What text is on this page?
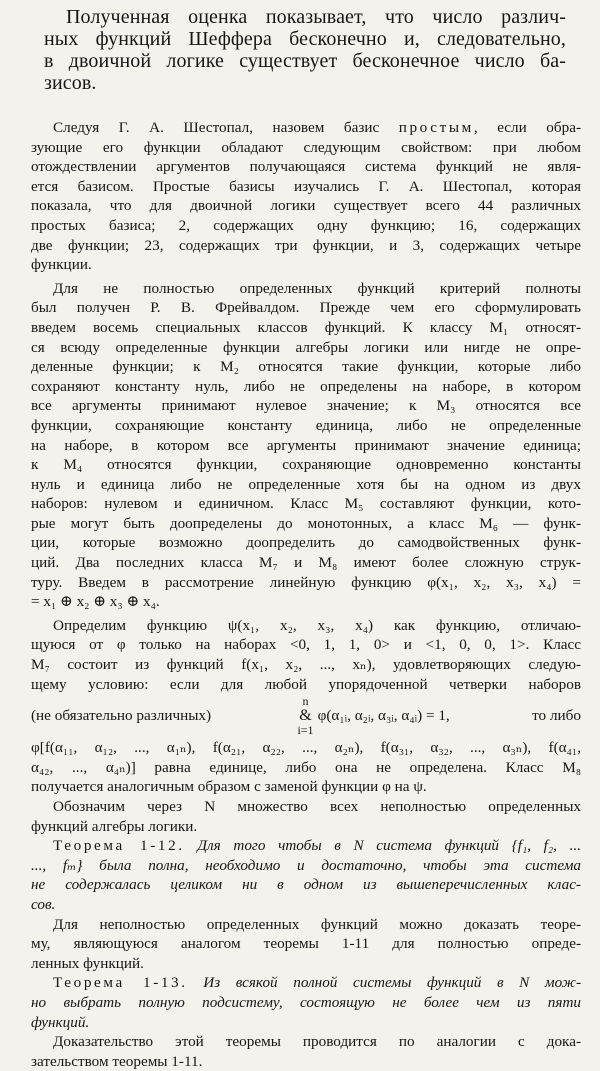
Полученная оценка показывает, что число различ-
ных функций Шеффера бесконечно и, следовательно,
в двоичной логике существует бесконечное число ба-
зисов.
Следуя Г. А. Шестопал, назовем базис простым, если обра-
зующие его функции обладают следующим свойством: при любом
отождествлении аргументов получающаяся система функций не явля-
ется базисом. Простые базисы изучались Г. А. Шестопал, которая
показала, что для двоичной логики существует всего 44 различных
простых базиса; 2, содержащих одну функцию; 16, содержащих
две функции; 23, содержащих три функции, и 3, содержащих четыре
функции.
Для не полностью определенных функций критерий полноты
был получен Р. В. Фрейвалдом. Прежде чем его сформулировать
введем восемь специальных классов функций. К классу M₁ относят-
ся всюду определенные функции алгебры логики или нигде не опре-
деленные функции; к M₂ относятся такие функции, которые либо
сохраняют константу нуль, либо не определены на наборе, в котором
все аргументы принимают нулевое значение; к M₃ относятся все
функции, сохраняющие константу единица, либо не определенные
на наборе, в котором все аргументы принимают значение единица;
к M₄ относятся функции, сохраняющие одновременно константы
нуль и единица либо не определенные хотя бы на одном из двух
наборов: нулевом и единичном. Класс M₅ составляют функции, кото-
рые могут быть доопределены до монотонных, а класс M₆ — функ-
ции, которые возможно доопределить до самодвойственных функ-
ций. Два последних класса M₇ и M₈ имеют более сложную струк-
туру. Введем в рассмотрение линейную функцию φ(x₁, x₂, x₃, x₄) =
= x₁ ⊕ x₂ ⊕ x₃ ⊕ x₄.
Определим функцию ψ(x₁, x₂, x₃, x₄) как функцию, отличаю-
щуюся от φ только на наборах <0, 1, 1, 0> и <1, 0, 0, 1>. Класс
M₇ состоит из функций f(x₁, x₂, ..., xₙ), удовлетворяющих следую-
щему условию: если для любой упорядоченной четверки наборов
(не обязательно различных)
n
&
i=1
φ(α₁ᵢ, α₂ᵢ, α₃ᵢ, α₄ᵢ) = 1,	то либо
φ[f(α₁₁, α₁₂, ..., α₁ₙ), f(α₂₁, α₂₂, ..., α₂ₙ), f(α₃₁, α₃₂, ..., α₃ₙ), f(α₄₁,
α₄₂, ..., α₄ₙ)] равна единице, либо она не определена. Класс M₈
получается аналогичным образом с заменой функции φ на ψ.
Обозначим через N множество всех неполностью определенных
функций алгебры логики.
Теорема 1-12. Для того чтобы в N система функций {f₁, f₂, ...
..., fₘ} была полна, необходимо и достаточно, чтобы эта система
не содержалась целиком ни в одном из вышеперечисленных клас-
сов.
Для неполностью определенных функций можно доказать теоре-
му, являющуюся аналогом теоремы 1-11 для полностью опреде-
ленных функций.
Теорема 1-13. Из всякой полной системы функций в N мож-
но выбрать полную подсистему, состоящую не более чем из пяти
функций.
Доказательство этой теоремы проводится по аналогии с дока-
зательством теоремы 1-11.
